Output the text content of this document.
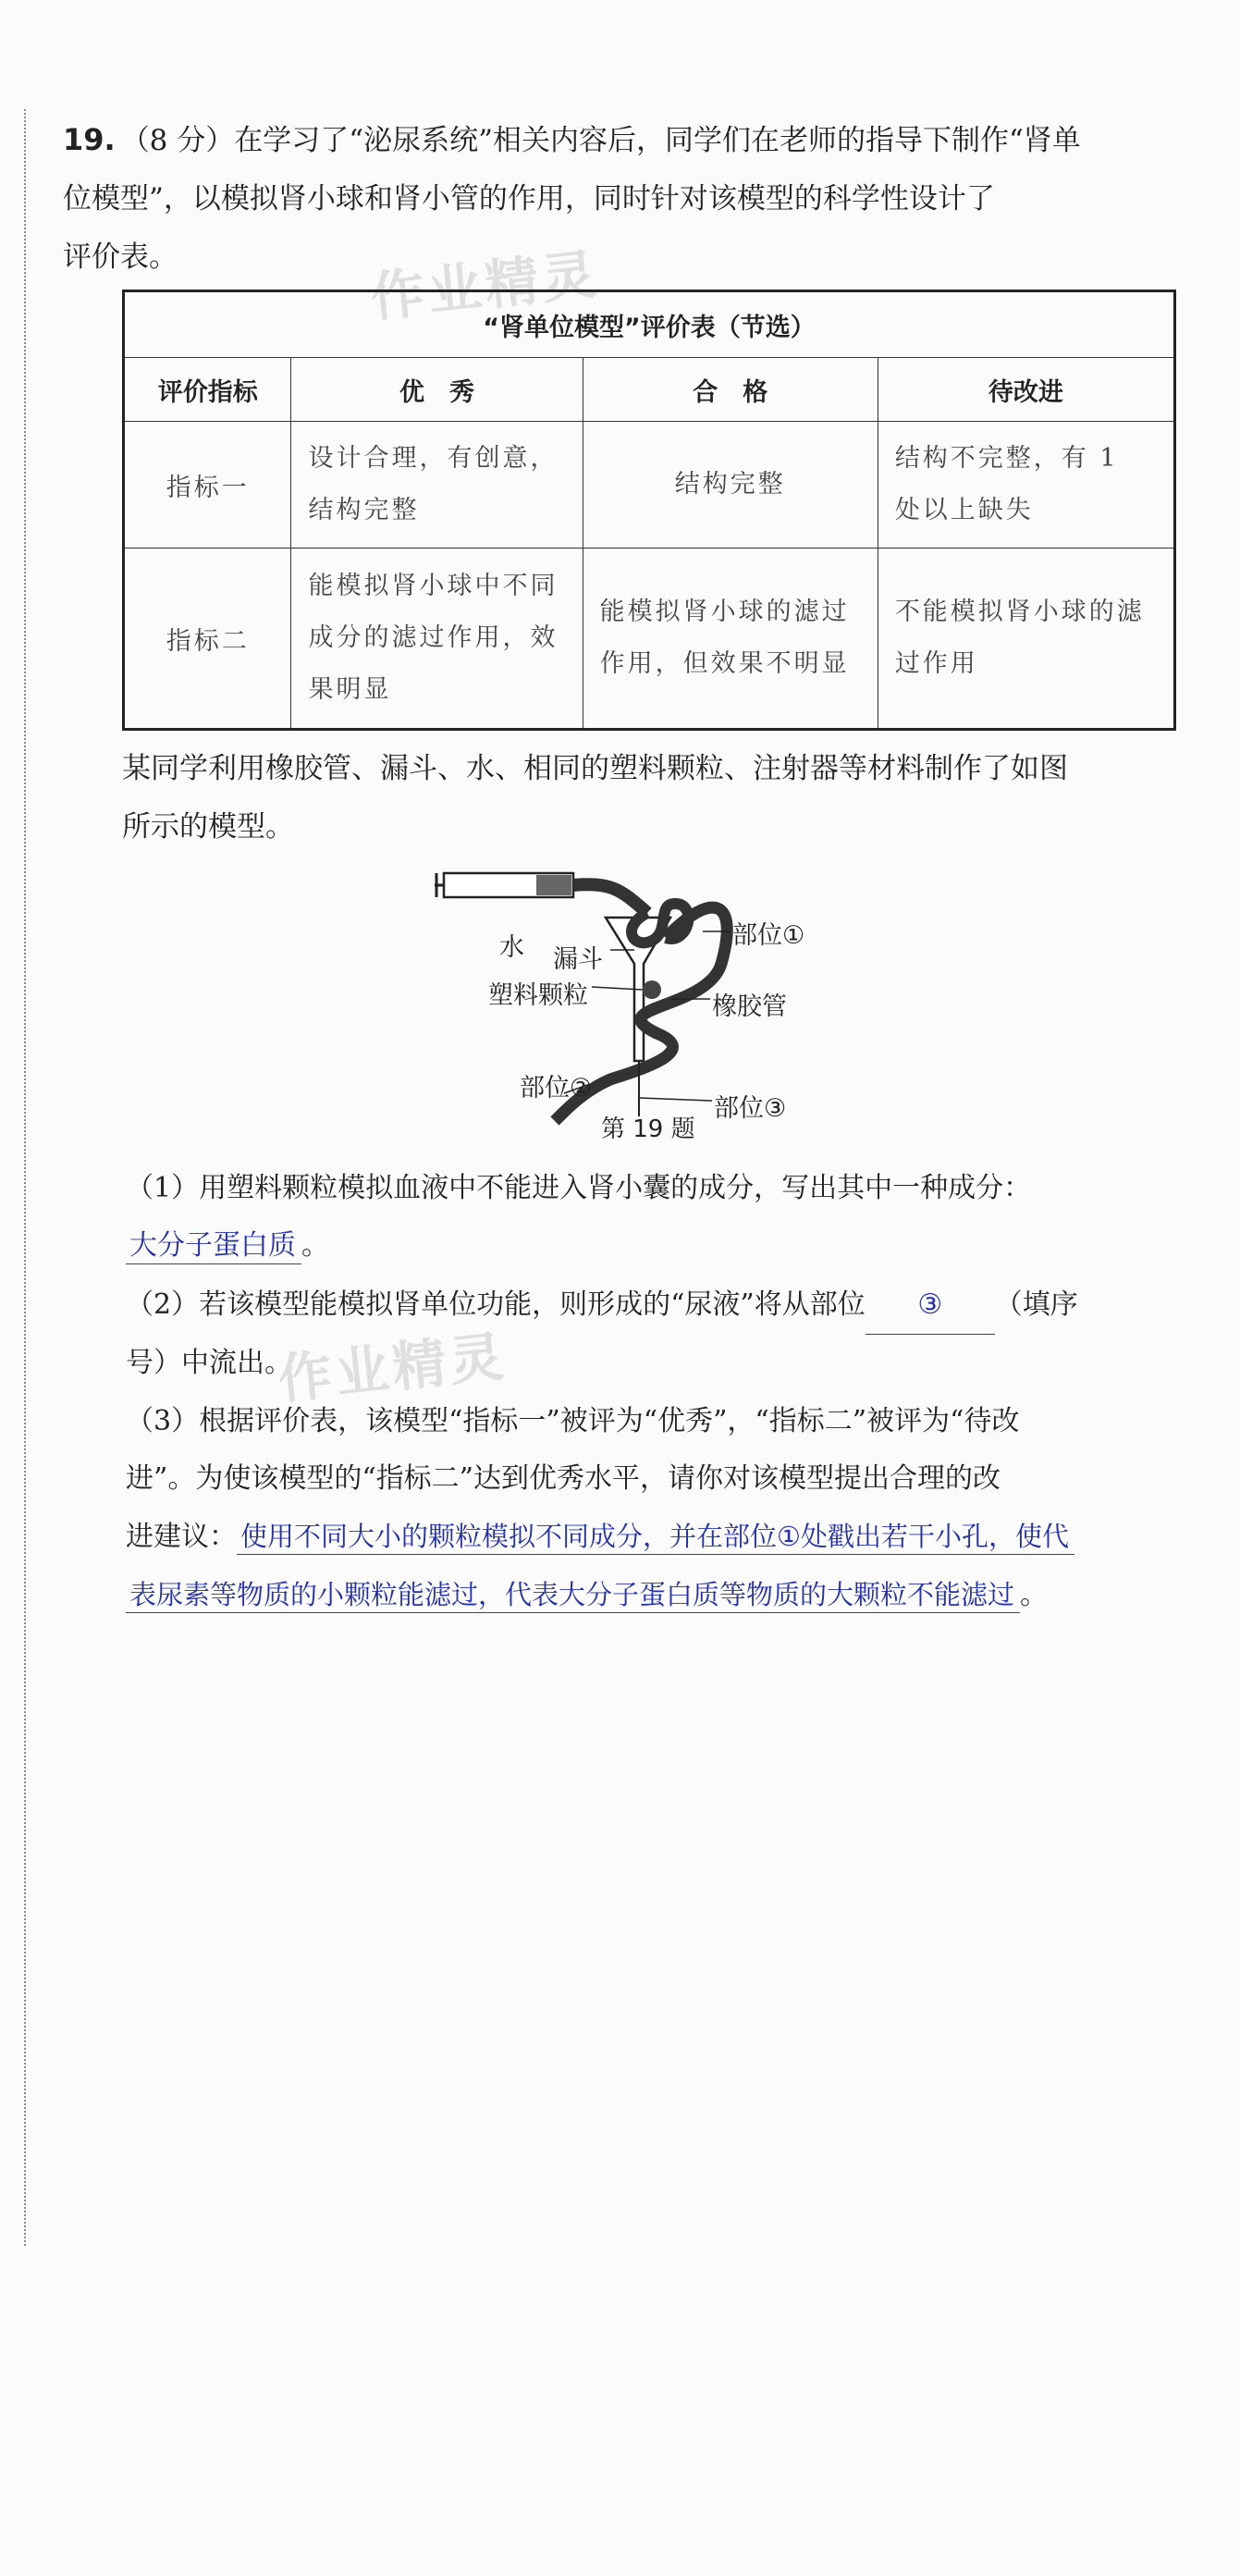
作业精灵
作业精灵
19. （8 分）在学习了“泌尿系统”相关内容后，同学们在老师的指导下制作“肾单
位模型”，以模拟肾小球和肾小管的作用，同时针对该模型的科学性设计了
评价表。
“肾单位模型”评价表（节选）			
评价指标	优　秀	合　格	待改进
指标一	设计合理，有创意，结构完整	结构完整	结构不完整，有 1 处以上缺失
指标二	能模拟肾小球中不同成分的滤过作用，效果明显	能模拟肾小球的滤过作用，但效果不明显	不能模拟肾小球的滤过作用
某同学利用橡胶管、漏斗、水、相同的塑料颗粒、注射器等材料制作了如图
所示的模型。
水 漏斗
部位①
塑料颗粒	橡胶管
部位②
部位③
第 19 题
（1）用塑料颗粒模拟血液中不能进入肾小囊的成分，写出其中一种成分：
大分子蛋白质 。
（2）若该模型能模拟肾单位功能，则形成的“尿液”将从部位 ③ （填序
号）中流出。
（3）根据评价表，该模型“指标一”被评为“优秀”，“指标二”被评为“待改
进”。为使该模型的“指标二”达到优秀水平，请你对该模型提出合理的改
进建议： 使用不同大小的颗粒模拟不同成分，并在部位①处戳出若干小孔，使代
表尿素等物质的小颗粒能滤过，代表大分子蛋白质等物质的大颗粒不能滤过 。
